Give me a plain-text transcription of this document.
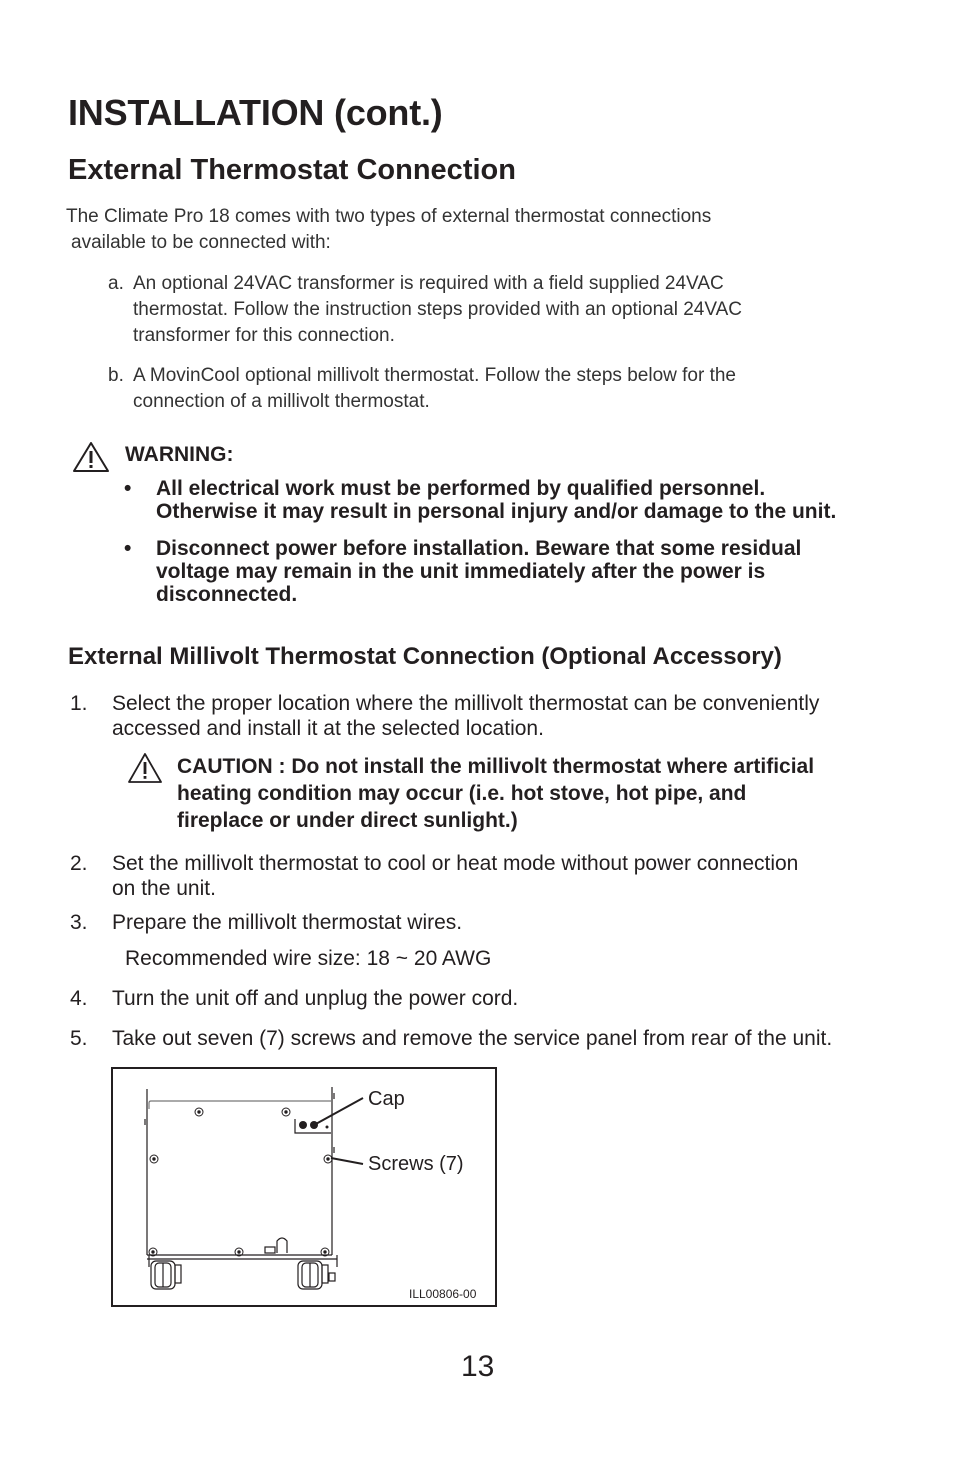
INSTALLATION (cont.)
External Thermostat Connection
The Climate Pro 18 comes with two types of external thermostat connections
available to be connected with:
a. An optional 24VAC transformer is required with a field supplied 24VAC
thermostat. Follow the instruction steps provided with an optional 24VAC
transformer for this connection.
b. A MovinCool optional millivolt thermostat. Follow the steps below for the
connection of a millivolt thermostat.
WARNING:
• All electrical work must be performed by qualified personnel.
Otherwise it may result in personal injury and/or damage to the unit.
• Disconnect power before installation. Beware that some residual
voltage may remain in the unit immediately after the power is
disconnected.
External Millivolt Thermostat Connection (Optional Accessory)
1. Select the proper location where the millivolt thermostat can be conveniently
accessed and install it at the selected location.
CAUTION : Do not install the millivolt thermostat where artificial
heating condition may occur (i.e. hot stove, hot pipe, and
fireplace or under direct sunlight.)
2. Set the millivolt thermostat to cool or heat mode without power connection
on the unit.
3. Prepare the millivolt thermostat wires.
Recommended wire size: 18 ~ 20 AWG
4. Turn the unit off and unplug the power cord.
5. Take out seven (7) screws and remove the service panel from rear of the unit.
Cap
Screws (7)
ILL00806-00
13
